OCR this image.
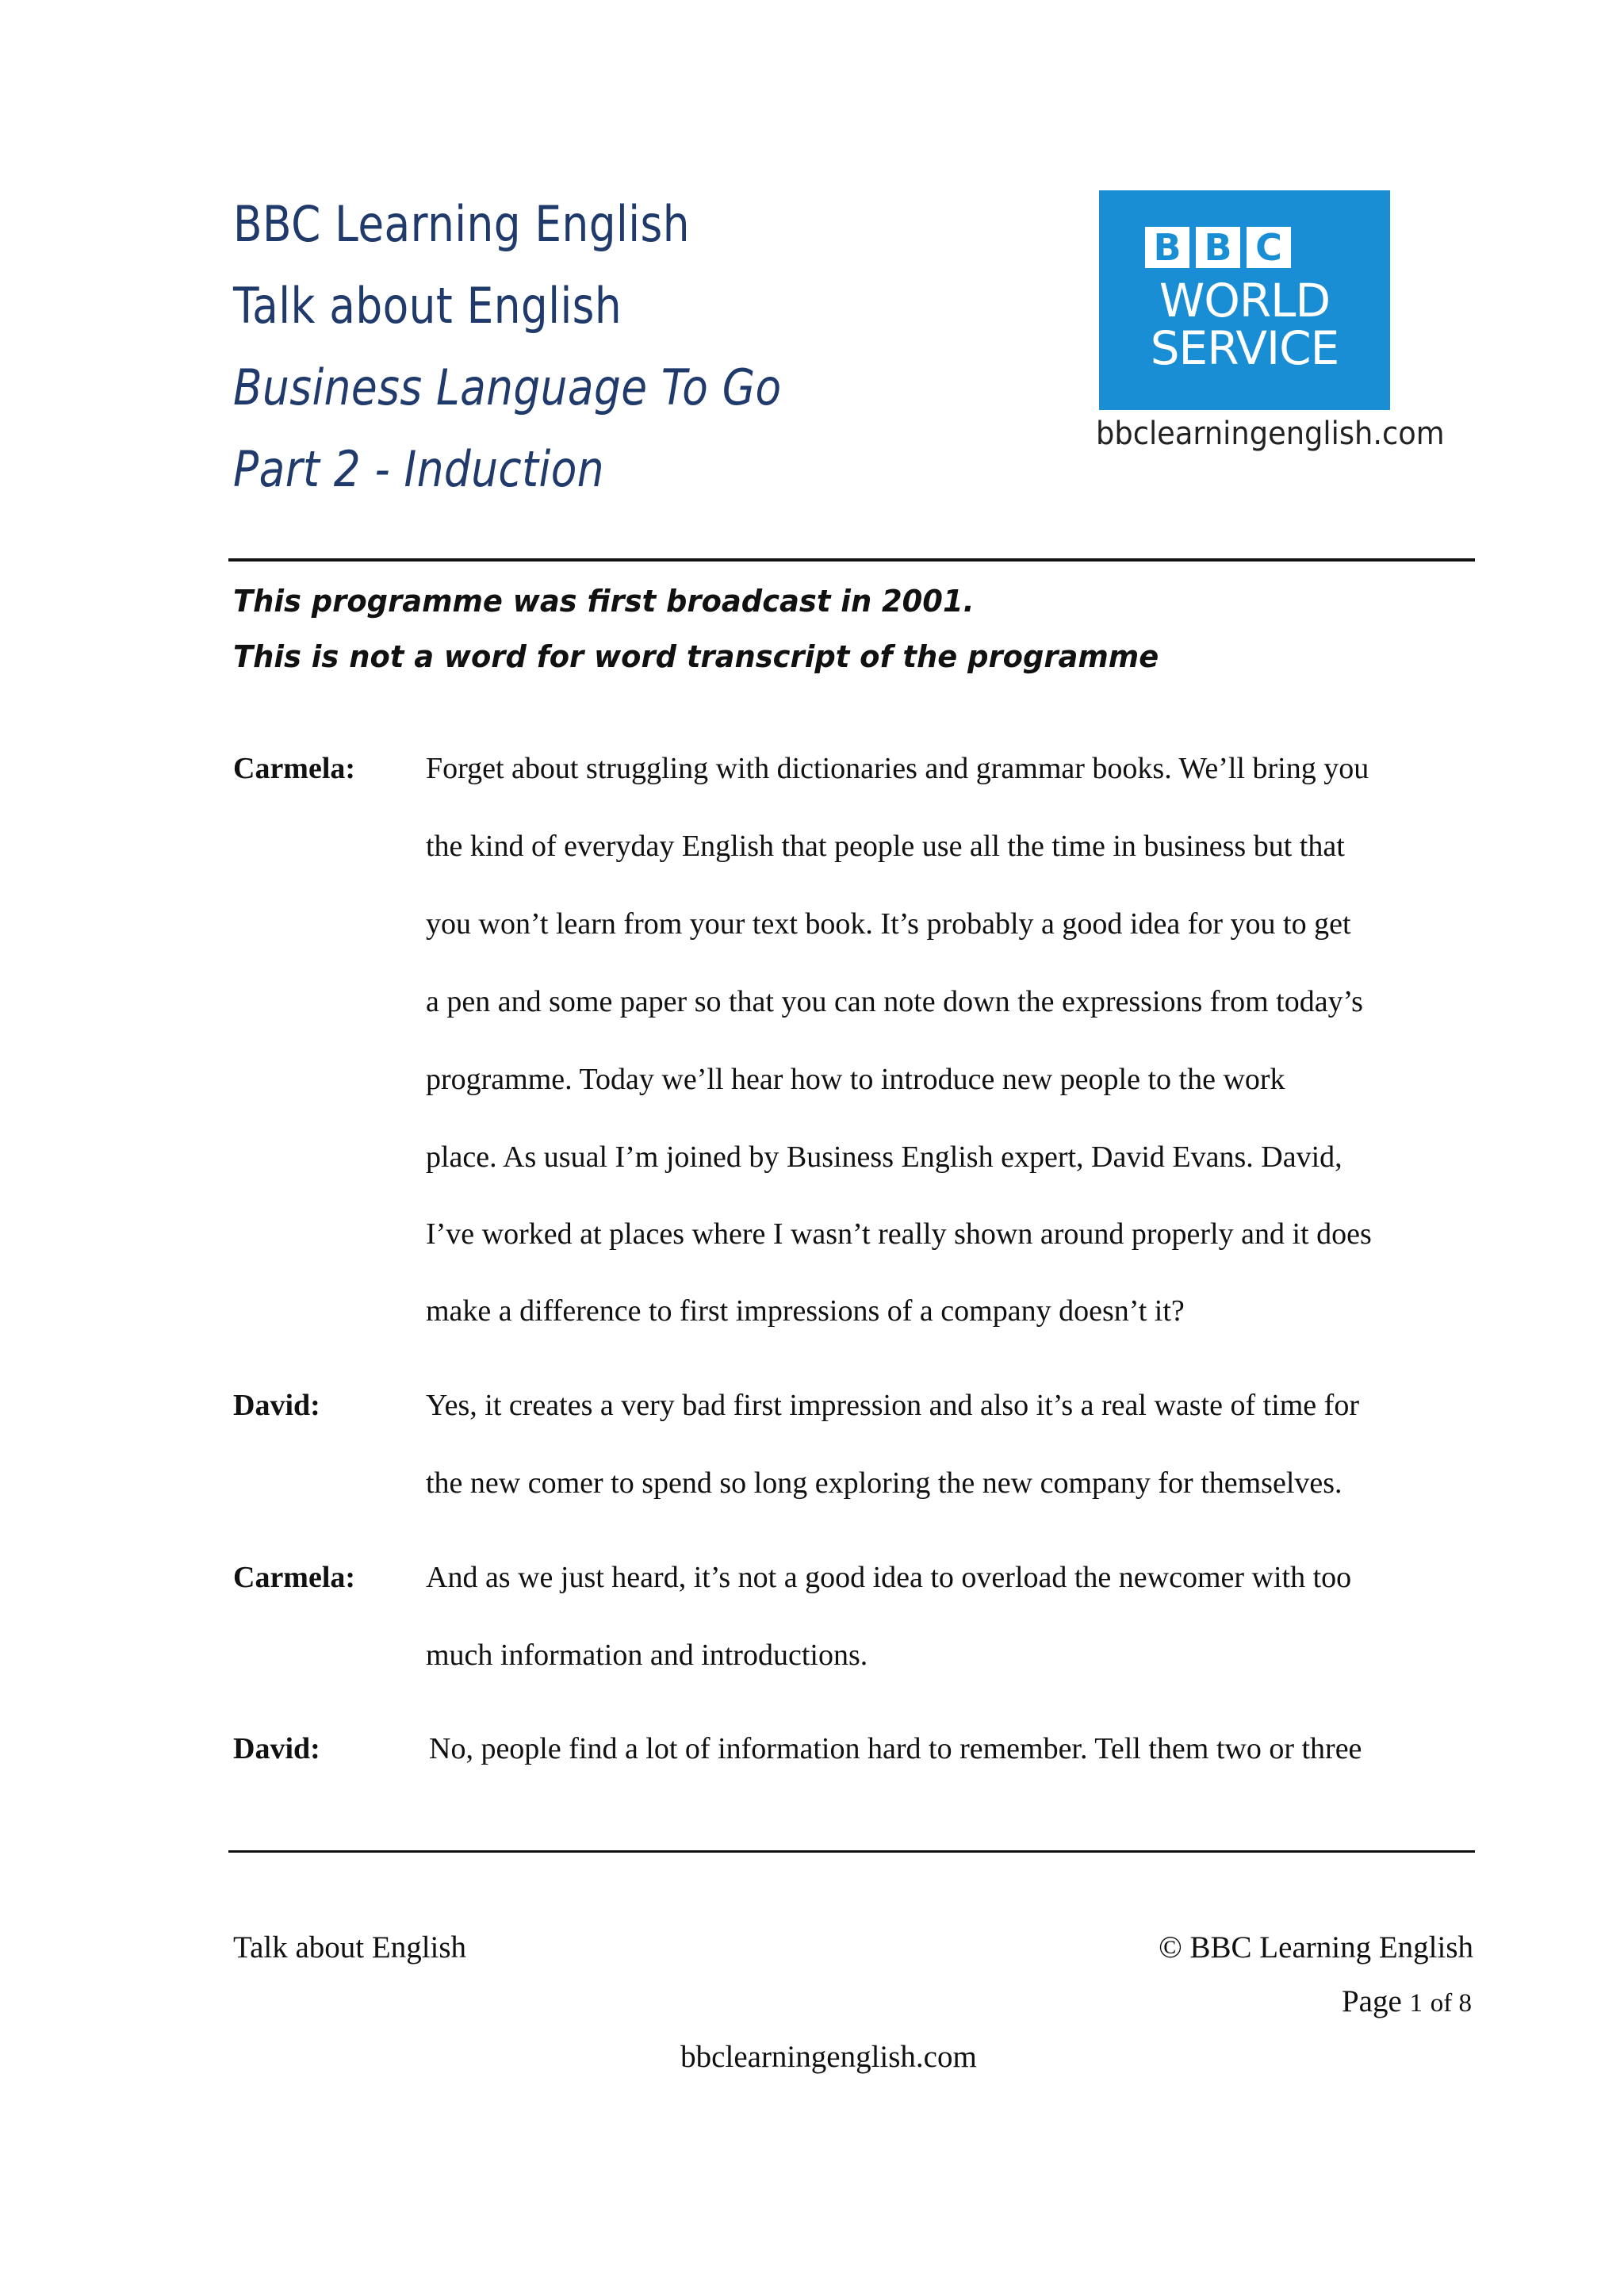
BBC Learning English
Talk about English
Business Language To Go
Part 2 - Induction
B B C
WORLD
SERVICE
bbclearningenglish.com
This programme was first broadcast in 2001.
This is not a word for word transcript of the programme
Carmela: Forget about struggling with dictionaries and grammar books. We’ll bring you
the kind of everyday English that people use all the time in business but that
you won’t learn from your text book. It’s probably a good idea for you to get
a pen and some paper so that you can note down the expressions from today’s
programme. Today we’ll hear how to introduce new people to the work
place. As usual I’m joined by Business English expert, David Evans. David,
I’ve worked at places where I wasn’t really shown around properly and it does
make a difference to first impressions of a company doesn’t it?
David:	Yes, it creates a very bad first impression and also it’s a real waste of time for
the new comer to spend so long exploring the new company for themselves.
Carmela: And as we just heard, it’s not a good idea to overload the newcomer with too
much information and introductions.
David:	No, people find a lot of information hard to remember. Tell them two or three
Talk about English	© BBC Learning English
Page 1 of 8
bbclearningenglish.com
